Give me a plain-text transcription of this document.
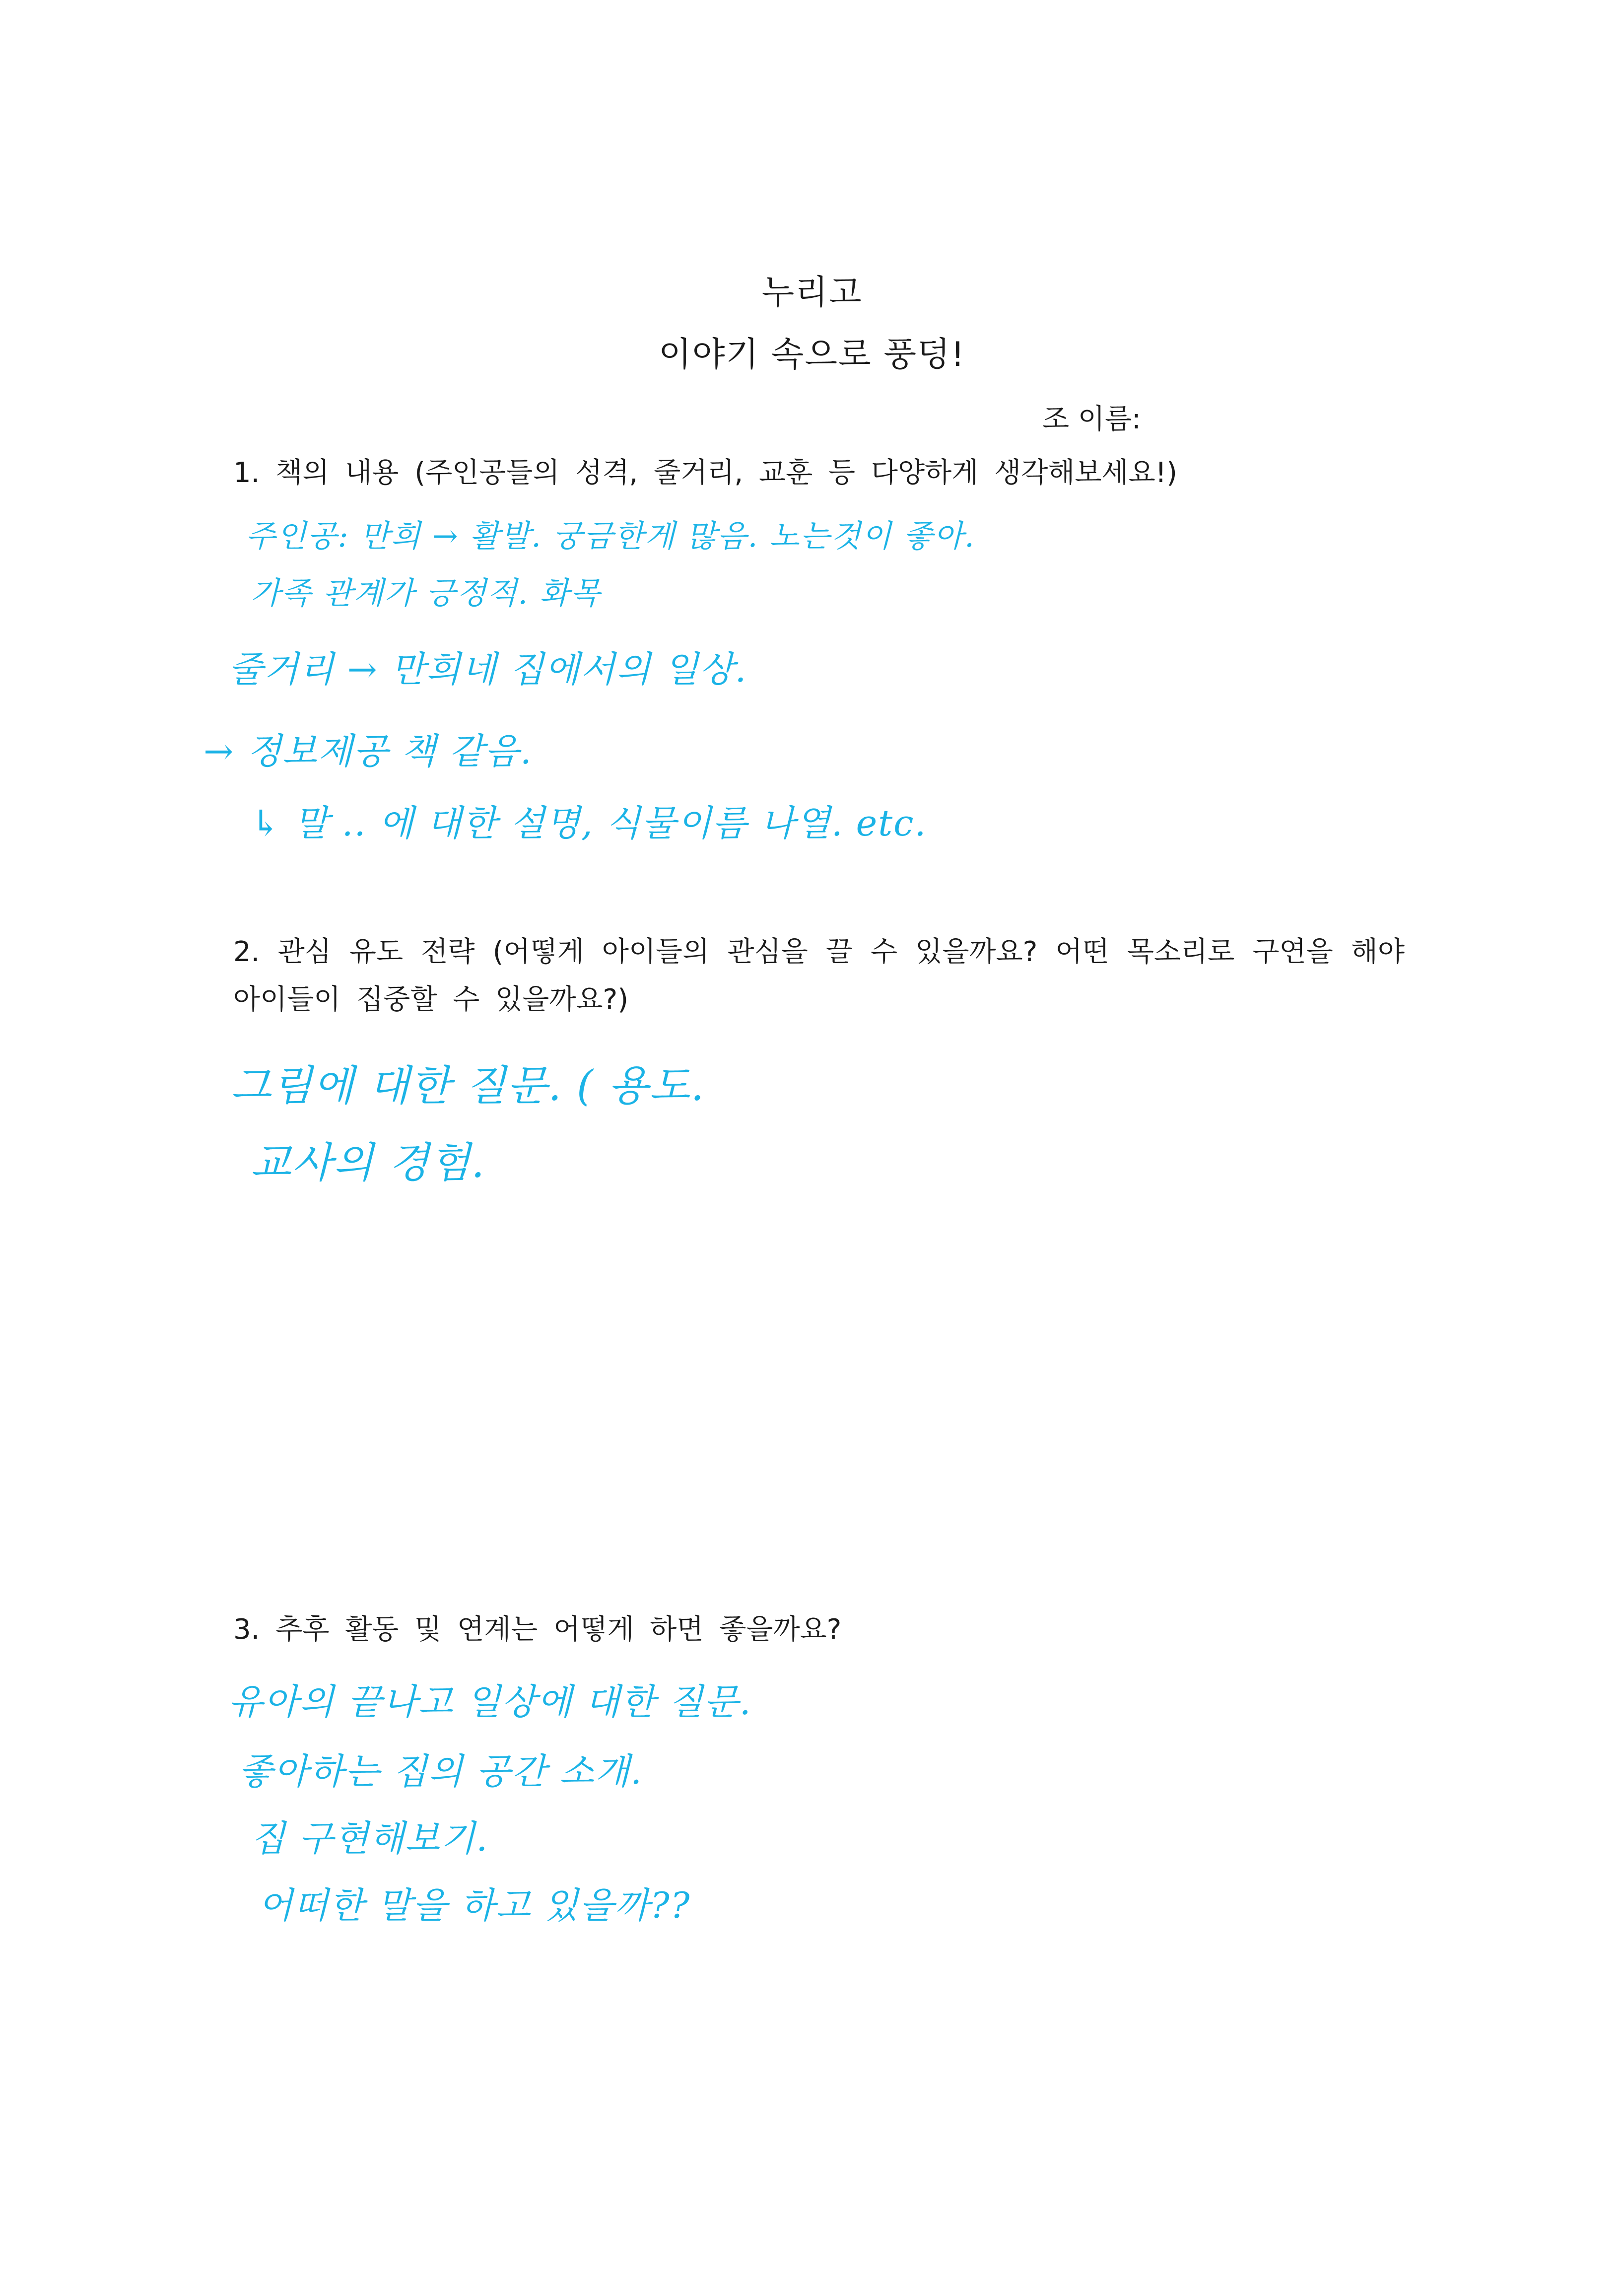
누리고
이야기 속으로 풍덩!
조 이름:
1. 책의 내용 (주인공들의 성격, 줄거리, 교훈 등 다양하게 생각해보세요!)
주인공: 만희 → 활발. 궁금한게 많음. 노는것이 좋아.
가족 관계가 긍정적. 화목
줄거리 → 만희네 집에서의 일상.
→ 정보제공 책 같음.
↳ 말 .. 에 대한 설명, 식물이름 나열. etc.
2. 관심 유도 전략 (어떻게 아이들의 관심을 끌 수 있을까요? 어떤 목소리로 구연을 해야 아이들이 집중할 수 있을까요?)
그림에 대한 질문. ( 용도.
교사의 경험.
3. 추후 활동 및 연계는 어떻게 하면 좋을까요?
유아의 끝나고 일상에 대한 질문.
좋아하는 집의 공간 소개.
집 구현해보기.
어떠한 말을 하고 있을까??
